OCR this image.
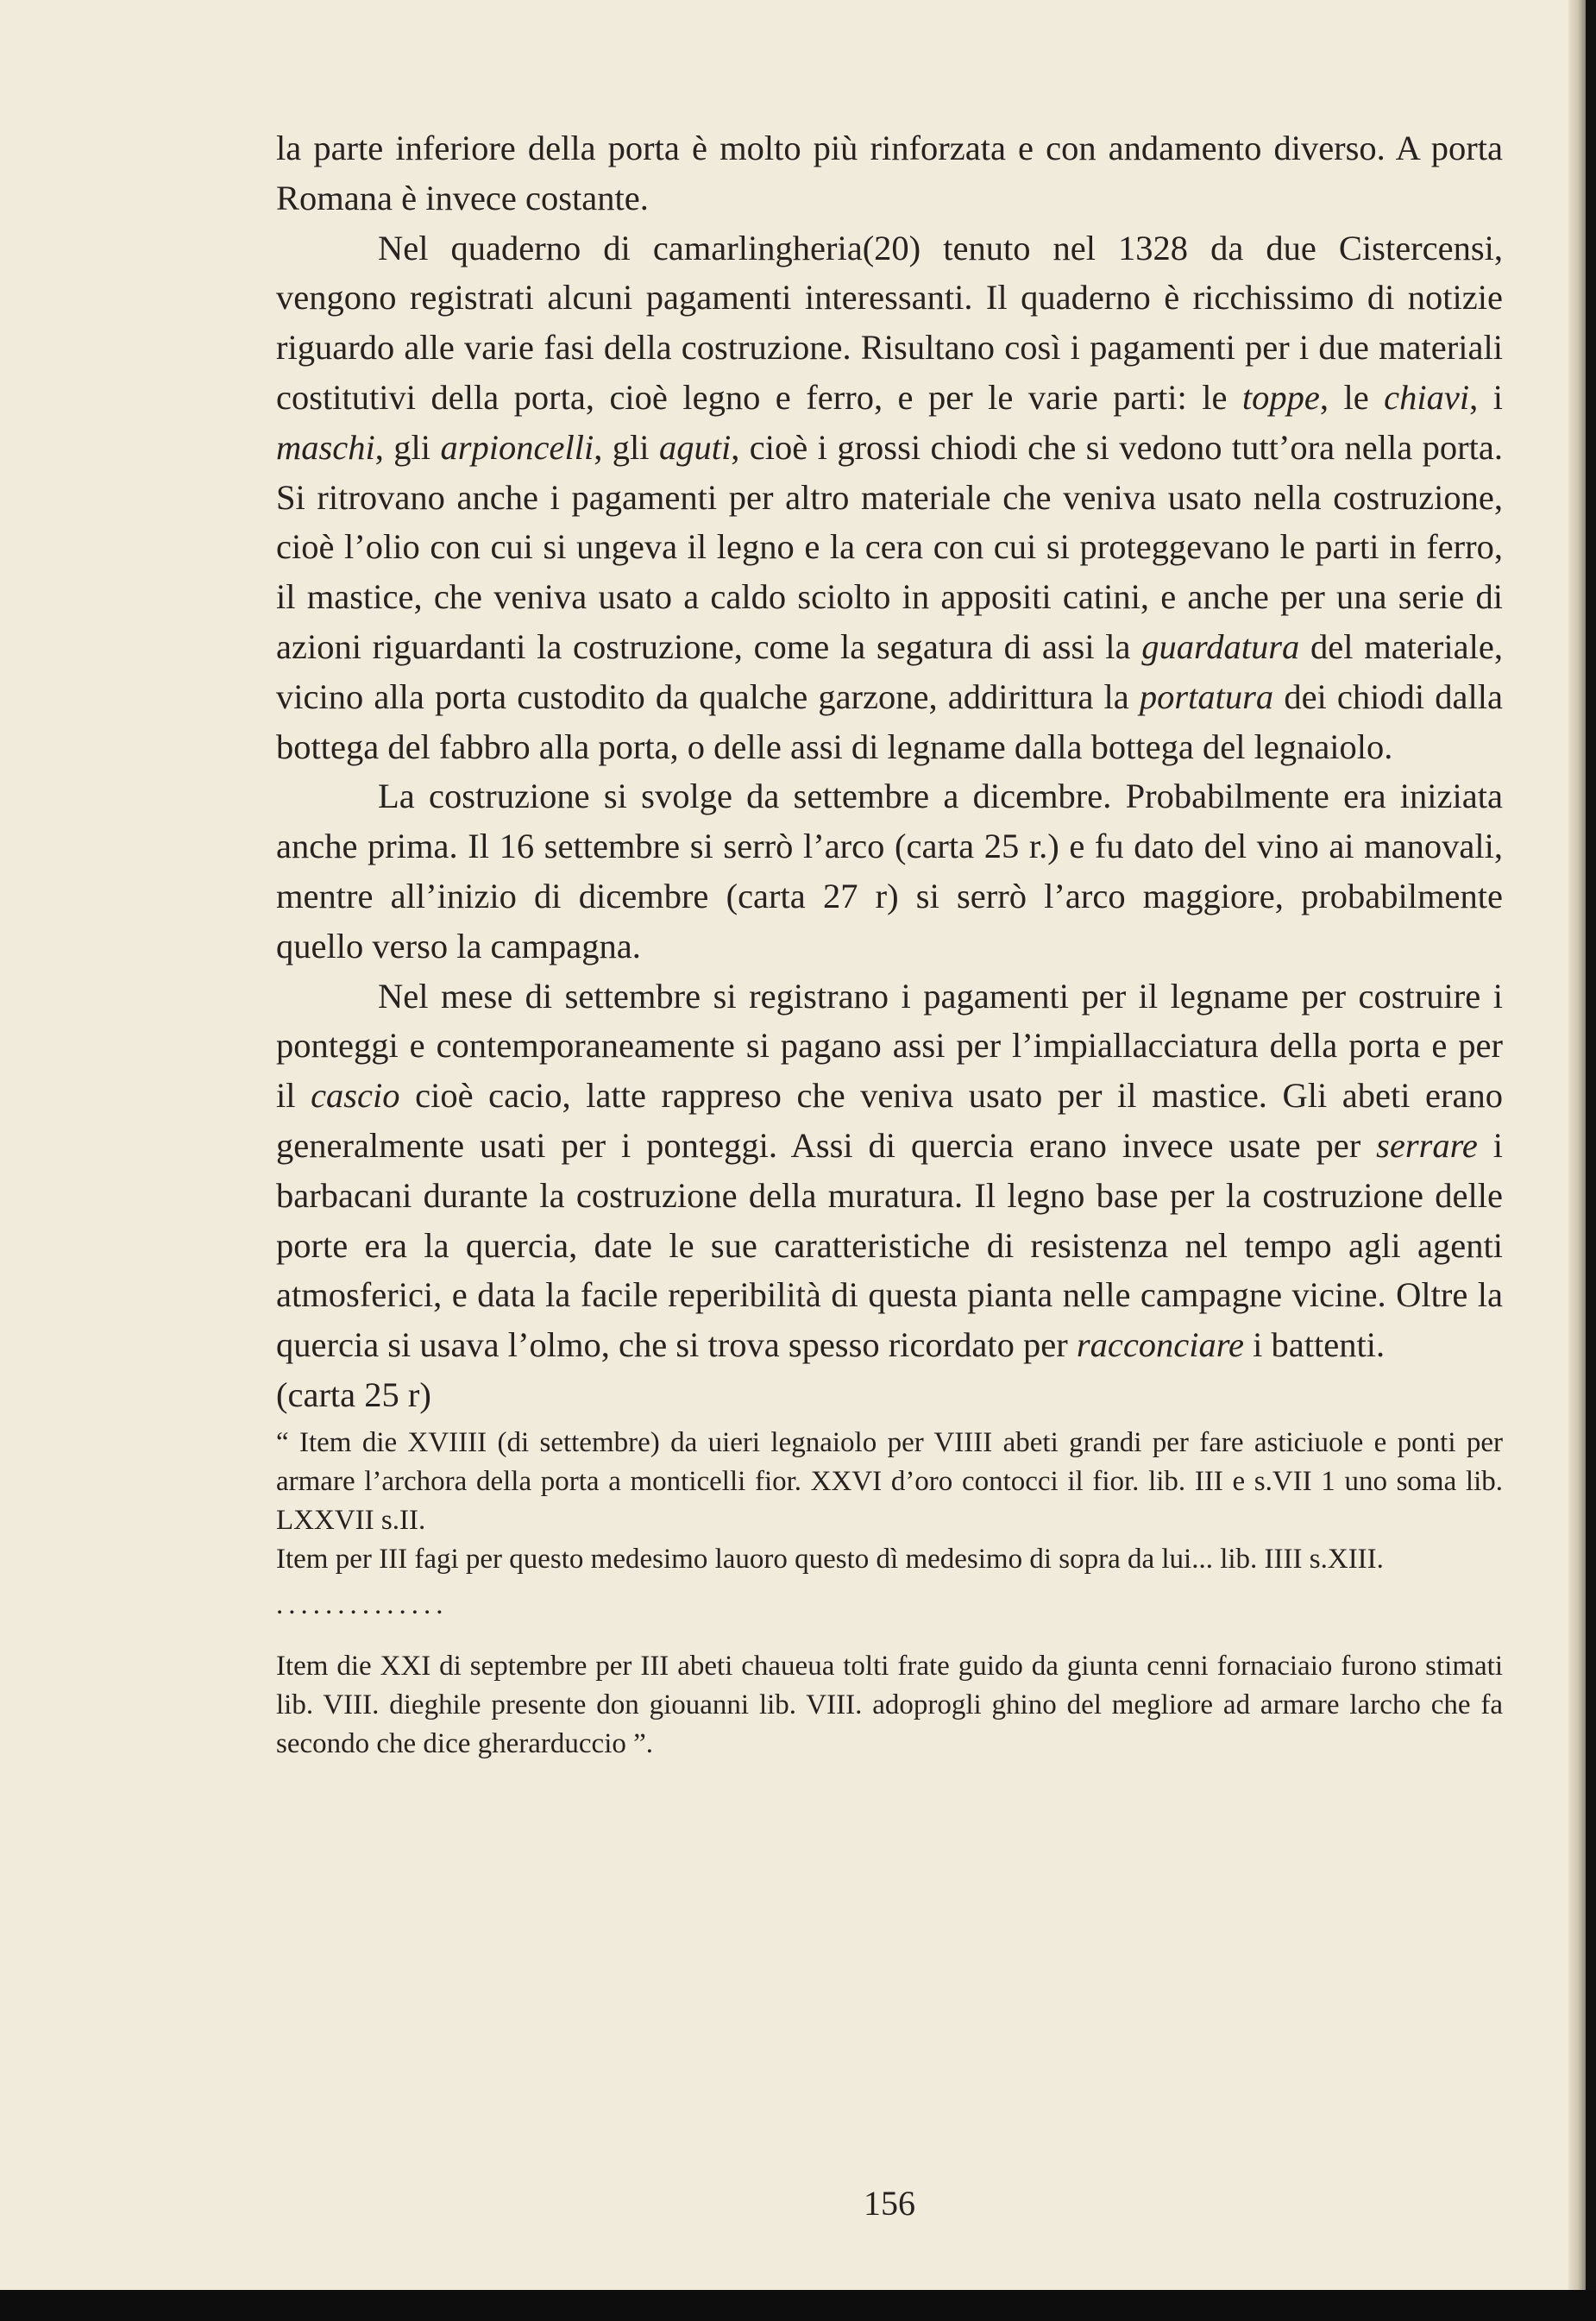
la parte inferiore della porta è molto più rinforzata e con andamento diverso. A porta Romana è invece costante.

Nel quaderno di camarlingheria(20) tenuto nel 1328 da due Cistercensi, vengono registrati alcuni pagamenti interessanti. Il quaderno è ricchissimo di notizie riguardo alle varie fasi della costruzione. Risultano così i pagamenti per i due materiali costitutivi della porta, cioè legno e ferro, e per le varie parti: le toppe, le chiavi, i maschi, gli arpioncelli, gli aguti, cioè i grossi chiodi che si vedono tutt’ora nella porta. Si ritrovano anche i pagamenti per altro materiale che veniva usato nella costruzione, cioè l’olio con cui si ungeva il legno e la cera con cui si proteggevano le parti in ferro, il mastice, che veniva usato a caldo sciolto in appositi catini, e anche per una serie di azioni riguardanti la costruzione, come la segatura di assi la guardatura del materiale, vicino alla porta custodito da qualche garzone, addirittura la portatura dei chiodi dalla bottega del fabbro alla porta, o delle assi di legname dalla bottega del legnaiolo.

La costruzione si svolge da settembre a dicembre. Probabilmente era iniziata anche prima. Il 16 settembre si serrò l’arco (carta 25 r.) e fu dato del vino ai manovali, mentre all’inizio di dicembre (carta 27 r) si serrò l’arco maggiore, probabilmente quello verso la campagna.

Nel mese di settembre si registrano i pagamenti per il legname per costruire i ponteggi e contemporaneamente si pagano assi per l’impiallacciatura della porta e per il cascio cioè cacio, latte rappreso che veniva usato per il mastice. Gli abeti erano generalmente usati per i ponteggi. Assi di quercia erano invece usate per serrare i barbacani durante la costruzione della muratura. Il legno base per la costruzione delle porte era la quercia, date le sue caratteristiche di resistenza nel tempo agli agenti atmosferici, e data la facile reperibilità di questa pianta nelle campagne vicine. Oltre la quercia si usava l’olmo, che si trova spesso ricordato per racconciare i battenti.

(carta 25 r)

“ Item die XVIIII (di settembre) da uieri legnaiolo per VIIII abeti grandi per fare asticiuole e ponti per armare l’archora della porta a monticelli fior. XXVI d’oro contocci il fior. lib. III e s.VII 1 uno soma lib. LXXVII s.II.

Item per III fagi per questo medesimo lauoro questo dì medesimo di sopra da lui... lib. IIII s.XIII.

..............

Item die XXI di septembre per III abeti chaueua tolti frate guido da giunta cenni fornaciaio furono stimati lib. VIII. dieghile presente don giouanni lib. VIII. adoprogli ghino del megliore ad armare larcho che fa secondo che dice gherarduccio ”.

156
